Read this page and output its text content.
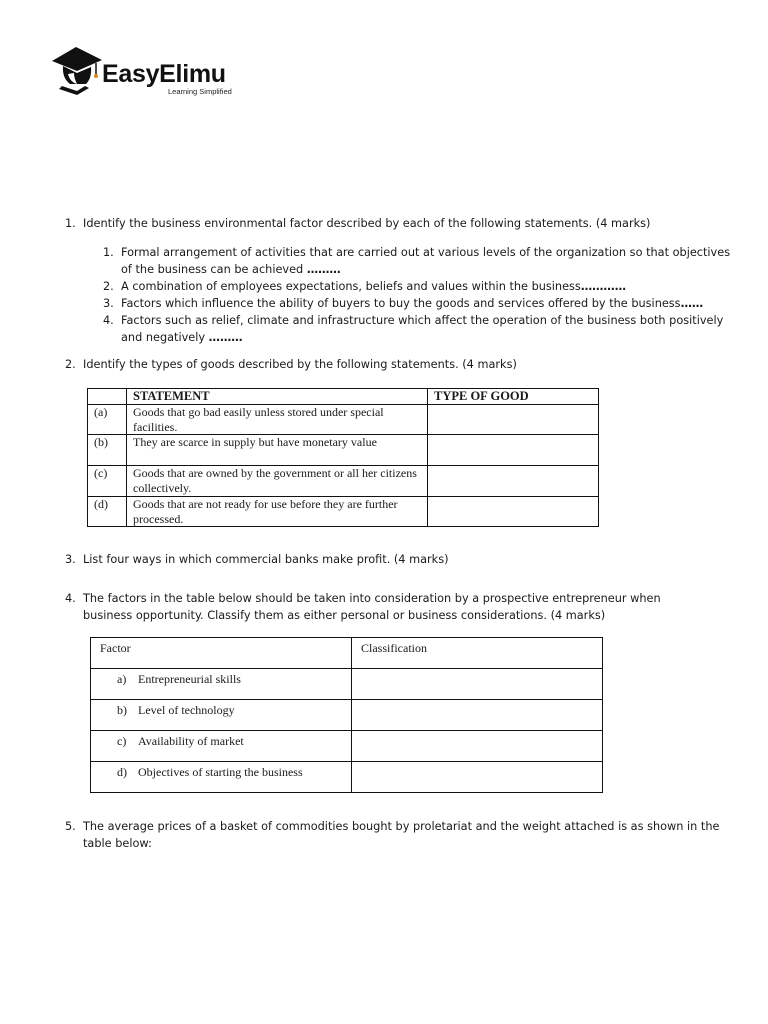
EasyElimu
Learning Simplified
1. Identify the business environmental factor described by each of the following statements. (4 marks)
1. Formal arrangement of activities that are carried out at various levels of the organization so that objectives of the business can be achieved ………
2. A combination of employees expectations, beliefs and values within the business…………
3. Factors which influence the ability of buyers to buy the goods and services offered by the business……
4. Factors such as relief, climate and infrastructure which affect the operation of the business both positively and negatively ………
2. Identify the types of goods described by the following statements. (4 marks)
	STATEMENT	TYPE OF GOOD
(a)	Goods that go bad easily unless stored under special facilities.	

(b)	They are scarce in supply but have monetary value	

(c)	Goods that are owned by the government or all her citizens collectively.	

(d)	Goods that are not ready for use before they are further processed.	

3. List four ways in which commercial banks make profit. (4 marks)
4. The factors in the table below should be taken into consideration by a prospective entrepreneur when business opportunity. Classify them as either personal or business considerations. (4 marks)
Factor	Classification

a) Entrepreneurial skills	

b) Level of technology	

c) Availability of market	

d) Objectives of starting the business	

5. The average prices of a basket of commodities bought by proletariat and the weight attached is as shown in the table below:
